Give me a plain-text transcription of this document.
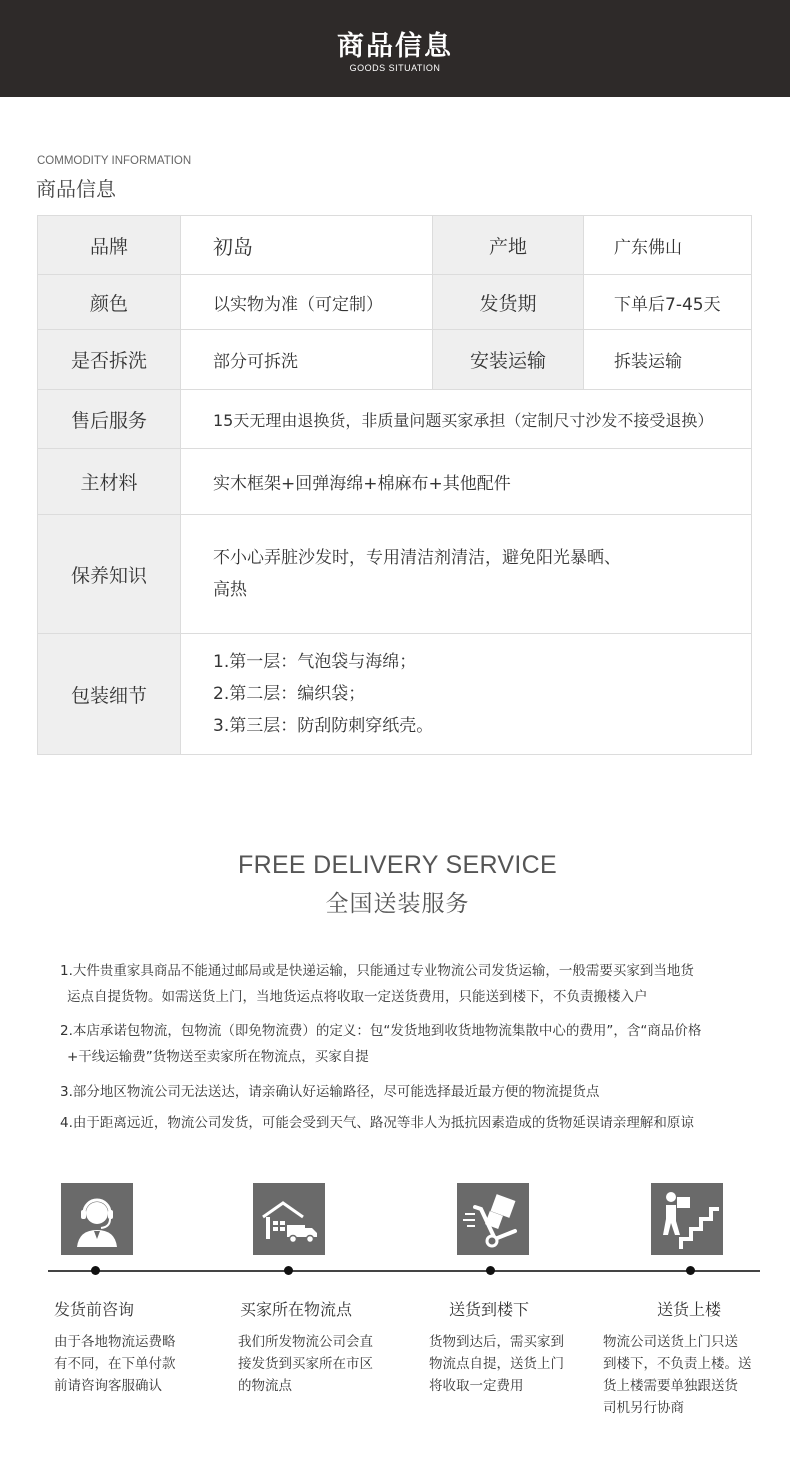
商品信息
GOODS SITUATION
COMMODITY INFORMATION
商品信息
品牌	初岛	产地	广东佛山
颜色	以实物为准（可定制）	发货期	下单后7-45天
是否拆洗	部分可拆洗	安装运输	拆装运输
售后服务	15天无理由退换货，非质量问题买家承担（定制尺寸沙发不接受退换）		
主材料	实木框架+回弹海绵+棉麻布+其他配件		
保养知识	不小心弄脏沙发时，专用清洁剂清洁，避免阳光暴晒、
高热		

包装细节	1.第一层：气泡袋与海绵；
2.第二层：编织袋；
3.第三层：防刮防刺穿纸壳。		
FREE DELIVERY SERVICE
全国送装服务
1.大件贵重家具商品不能通过邮局或是快递运输，只能通过专业物流公司发货运输，一般需要买家到当地货
运点自提货物。如需送货上门，当地货运点将收取一定送货费用，只能送到楼下，不负责搬楼入户
2.本店承诺包物流，包物流（即免物流费）的定义：包“发货地到收货地物流集散中心的费用”，含“商品价格
+干线运输费”货物送至卖家所在物流点，买家自提
3.部分地区物流公司无法送达，请亲确认好运输路径，尽可能选择最近最方便的物流提货点
4.由于距离远近，物流公司发货，可能会受到天气、路况等非人为抵抗因素造成的货物延误请亲理解和原谅
发货前咨询	买家所在物流点	送货到楼下	送货上楼
由于各地物流运费略
有不同，在下单付款
前请咨询客服确认
我们所发物流公司会直
接发货到买家所在市区
的物流点
货物到达后，需买家到
物流点自提，送货上门
将收取一定费用
物流公司送货上门只送
到楼下，不负责上楼。送
货上楼需要单独跟送货
司机另行协商
